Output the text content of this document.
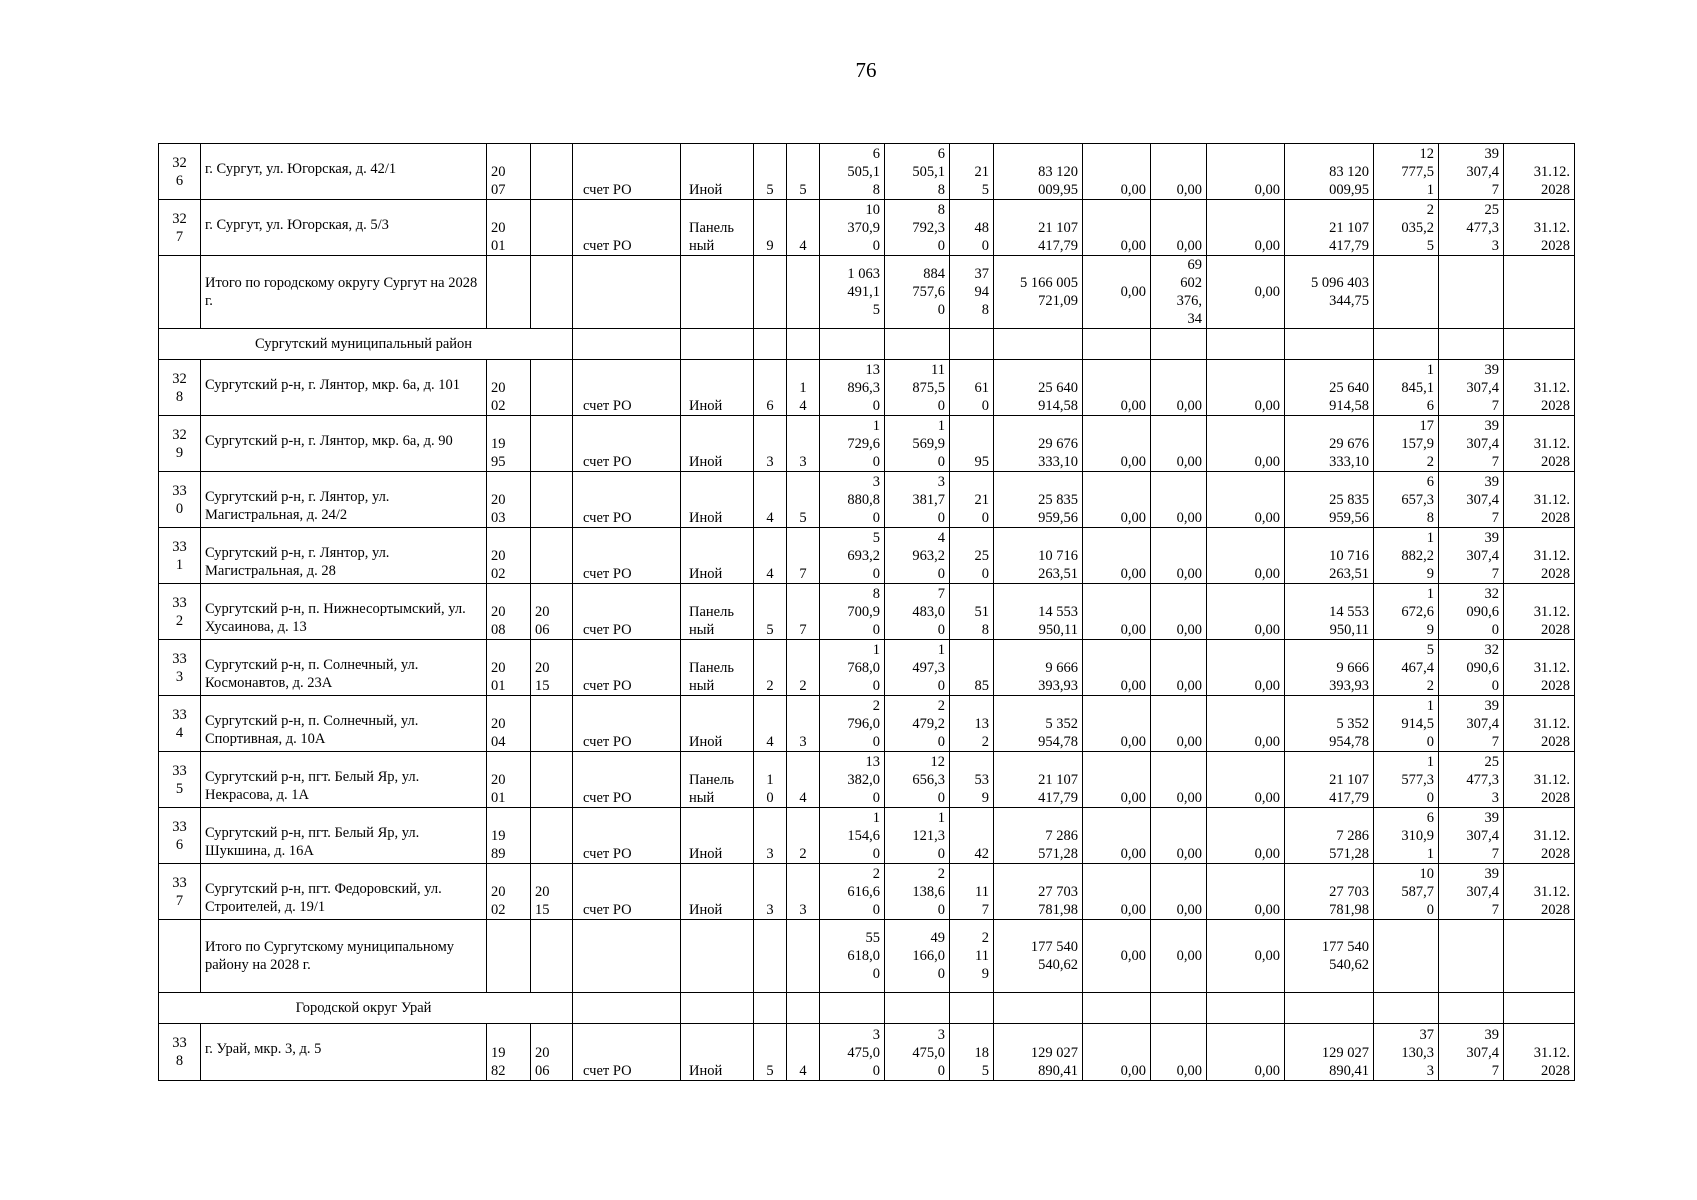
76
32
6	г. Сургут, ул. Югорская, д. 42/1	20
07		счет РО	Иной	5	5	6
505,1
8	6
505,1
8	21
5	83 120
009,95	0,00	0,00	0,00	83 120
009,95	12
777,5
1	39
307,4
7	31.12.
2028
32
7	г. Сургут, ул. Югорская, д. 5/3	20
01		счет РО	Панель
ный	9	4	10
370,9
0	8
792,3
0	48
0	21 107
417,79	0,00	0,00	0,00	21 107
417,79	2
035,2
5	25
477,3
3	31.12.
2028
	Итого по городскому округу Сургут на 2028 г.							1 063
491,1
5	884
757,6
0	37
94
8	5 166 005
721,09	0,00	69
602
376,
34	0,00	5 096 403
344,75			
Сургутский муниципальный район																		
32
8	Сургутский р-н, г. Лянтор, мкр. 6а, д. 101	20
02		счет РО	Иной	6	1
4	13
896,3
0	11
875,5
0	61
0	25 640
914,58	0,00	0,00	0,00	25 640
914,58	1
845,1
6	39
307,4
7	31.12.
2028
32
9	Сургутский р-н, г. Лянтор, мкр. 6а, д. 90	19
95		счет РО	Иной	3	3	1
729,6
0	1
569,9
0	95	29 676
333,10	0,00	0,00	0,00	29 676
333,10	17
157,9
2	39
307,4
7	31.12.
2028
33
0	Сургутский р-н, г. Лянтор, ул. Магистральная, д. 24/2	20
03		счет РО	Иной	4	5	3
880,8
0	3
381,7
0	21
0	25 835
959,56	0,00	0,00	0,00	25 835
959,56	6
657,3
8	39
307,4
7	31.12.
2028
33
1	Сургутский р-н, г. Лянтор, ул. Магистральная, д. 28	20
02		счет РО	Иной	4	7	5
693,2
0	4
963,2
0	25
0	10 716
263,51	0,00	0,00	0,00	10 716
263,51	1
882,2
9	39
307,4
7	31.12.
2028
33
2	Сургутский р-н, п. Нижнесортымский, ул. Хусаинова, д. 13	20
08	20
06	счет РО	Панель
ный	5	7	8
700,9
0	7
483,0
0	51
8	14 553
950,11	0,00	0,00	0,00	14 553
950,11	1
672,6
9	32
090,6
0	31.12.
2028
33
3	Сургутский р-н, п. Солнечный, ул. Космонавтов, д. 23А	20
01	20
15	счет РО	Панель
ный	2	2	1
768,0
0	1
497,3
0	85	9 666
393,93	0,00	0,00	0,00	9 666
393,93	5
467,4
2	32
090,6
0	31.12.
2028
33
4	Сургутский р-н, п. Солнечный, ул. Спортивная, д. 10А	20
04		счет РО	Иной	4	3	2
796,0
0	2
479,2
0	13
2	5 352
954,78	0,00	0,00	0,00	5 352
954,78	1
914,5
0	39
307,4
7	31.12.
2028
33
5	Сургутский р-н, пгт. Белый Яр, ул. Некрасова, д. 1А	20
01		счет РО	Панель
ный	1
0	4	13
382,0
0	12
656,3
0	53
9	21 107
417,79	0,00	0,00	0,00	21 107
417,79	1
577,3
0	25
477,3
3	31.12.
2028
33
6	Сургутский р-н, пгт. Белый Яр, ул. Шукшина, д. 16А	19
89		счет РО	Иной	3	2	1
154,6
0	1
121,3
0	42	7 286
571,28	0,00	0,00	0,00	7 286
571,28	6
310,9
1	39
307,4
7	31.12.
2028
33
7	Сургутский р-н, пгт. Федоровский, ул. Строителей, д. 19/1	20
02	20
15	счет РО	Иной	3	3	2
616,6
0	2
138,6
0	11
7	27 703
781,98	0,00	0,00	0,00	27 703
781,98	10
587,7
0	39
307,4
7	31.12.
2028
	Итого по Сургутскому муниципальному району на 2028 г.							55
618,0
0	49
166,0
0	2
11
9	177 540
540,62	0,00	0,00	0,00	177 540
540,62			
Городской округ Урай																		
33
8	г. Урай, мкр. 3, д. 5	19
82	20
06	счет РО	Иной	5	4	3
475,0
0	3
475,0
0	18
5	129 027
890,41	0,00	0,00	0,00	129 027
890,41	37
130,3
3	39
307,4
7	31.12.
2028
